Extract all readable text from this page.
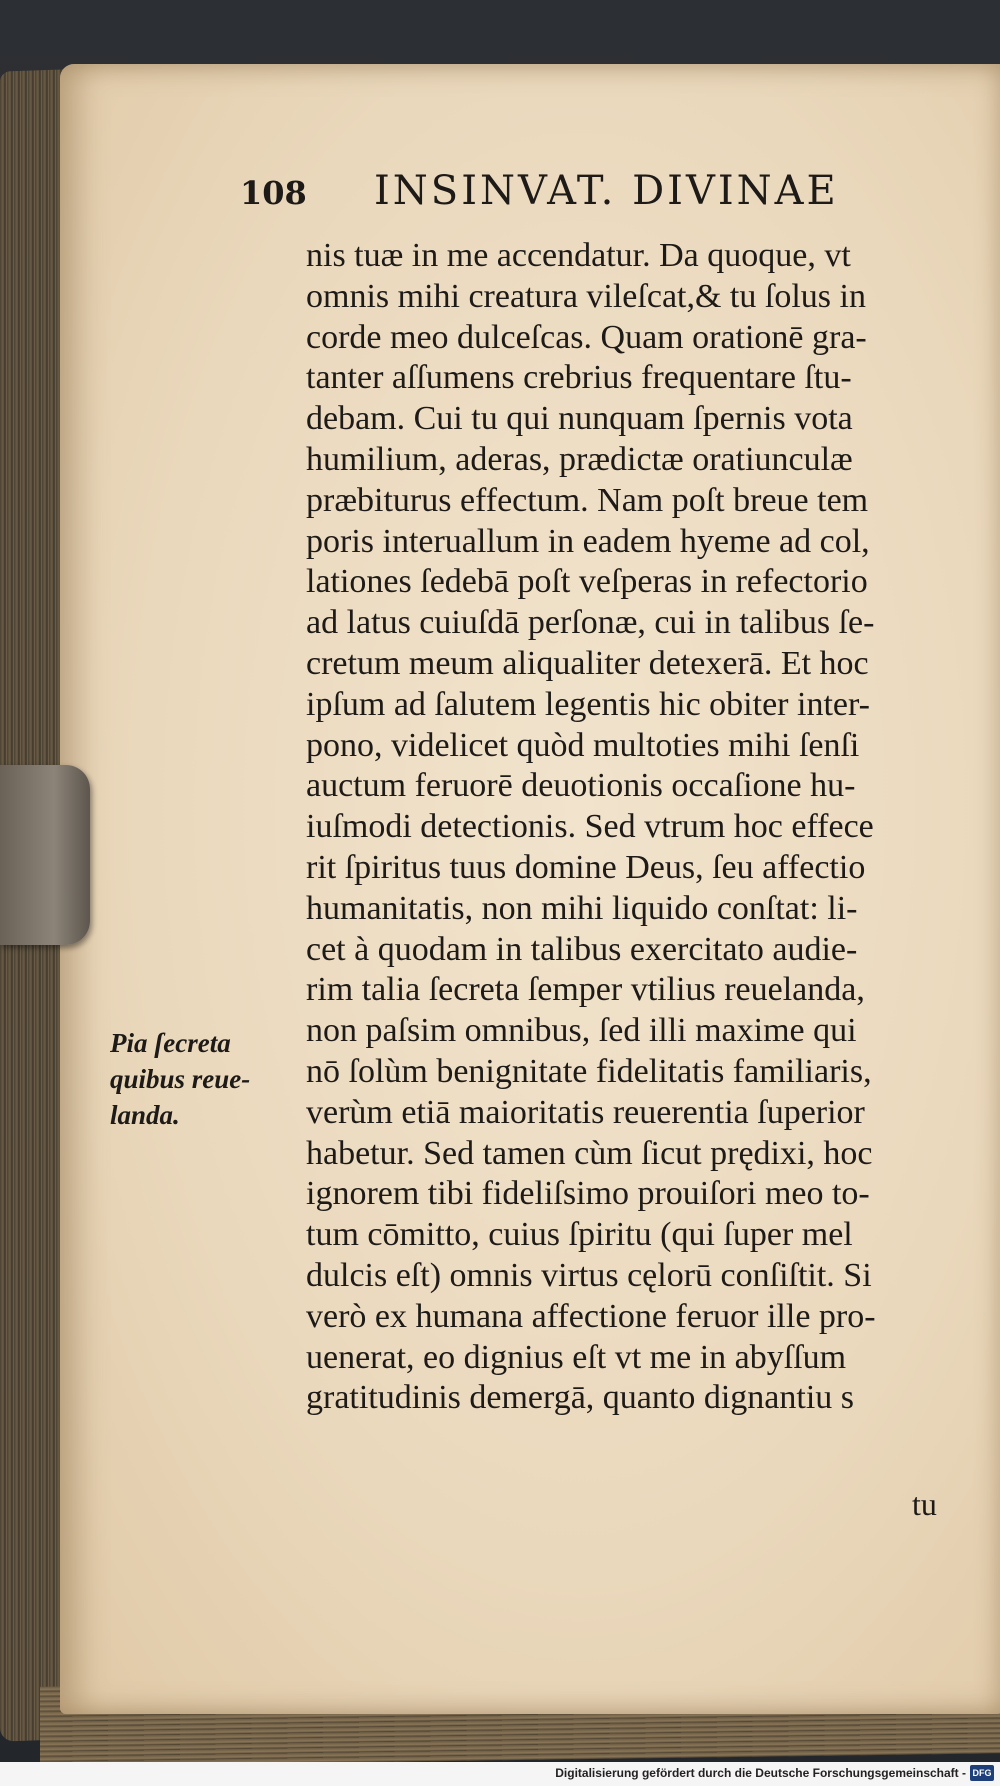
108 INSINVAT. DIVINAE
nis tuæ in me accendatur. Da quoque, vt
omnis mihi creatura vileſcat,& tu ſolus in
corde meo dulceſcas. Quam orationē gra-
tanter aſſumens crebrius frequentare ſtu-
debam. Cui tu qui nunquam ſpernis vota
humilium, aderas, prædictæ oratiunculæ
præbiturus effectum. Nam poſt breue tem
poris interuallum in eadem hyeme ad col,
lationes ſedebā poſt veſperas in refectorio
ad latus cuiuſdā perſonæ, cui in talibus ſe-
cretum meum aliqualiter detexerā. Et hoc
ipſum ad ſalutem legentis hic obiter inter-
pono, videlicet quòd multoties mihi ſenſi
auctum feruorē deuotionis occaſione hu-
iuſmodi detectionis. Sed vtrum hoc effece
rit ſpiritus tuus domine Deus, ſeu affectio
humanitatis, non mihi liquido conſtat: li-
cet à quodam in talibus exercitato audie-
rim talia ſecreta ſemper vtilius reuelanda,
non paſsim omnibus, ſed illi maxime qui
nō ſolùm benignitate fidelitatis familiaris,
verùm etiā maioritatis reuerentia ſuperior
habetur. Sed tamen cùm ſicut prędixi, hoc
ignorem tibi fideliſsimo prouiſori meo to-
tum cōmitto, cuius ſpiritu (qui ſuper mel
dulcis eſt) omnis virtus cęlorū conſiſtit. Si
verò ex humana affectione feruor ille pro-
uenerat, eo dignius eſt vt me in abyſſum
gratitudinis demergā, quanto dignantiu s
tu
Pia ſecreta
quibus reue-
landa.
Digitalisierung gefördert durch die Deutsche Forschungsgemeinschaft - DFG
